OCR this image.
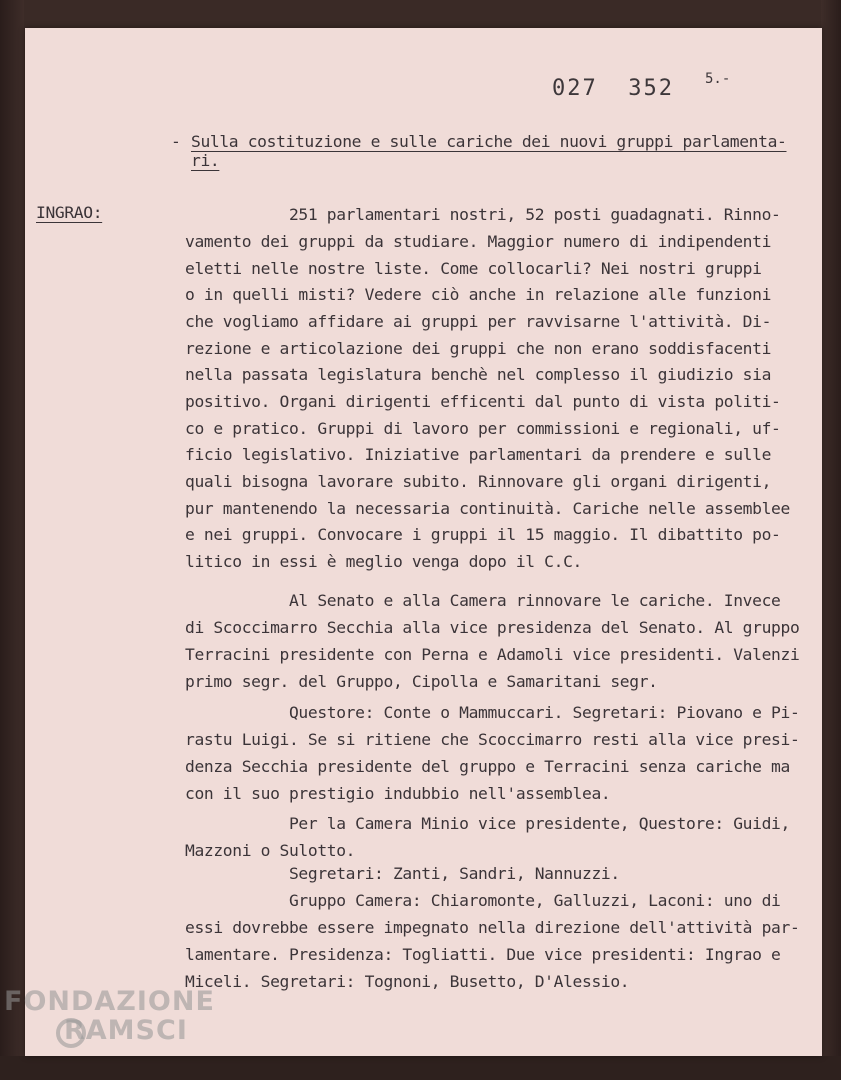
027  352 5.-
- Sulla costituzione e sulle cariche dei nuovi gruppi parlamenta-
ri.
INGRAO:	251 parlamentari nostri, 52 posti guadagnati. Rinno-
vamento dei gruppi da studiare. Maggior numero di indipendenti
eletti nelle nostre liste. Come collocarli? Nei nostri gruppi
o in quelli misti? Vedere ciò anche in relazione alle funzioni
che vogliamo affidare ai gruppi per ravvisarne l'attività. Di-
rezione e articolazione dei gruppi che non erano soddisfacenti
nella passata legislatura benchè nel complesso il giudizio sia
positivo. Organi dirigenti efficenti dal punto di vista politi-
co e pratico. Gruppi di lavoro per commissioni e regionali, uf-
ficio legislativo. Iniziative parlamentari da prendere e sulle
quali bisogna lavorare subito. Rinnovare gli organi dirigenti,
pur mantenendo la necessaria continuità. Cariche nelle assemblee
e nei gruppi. Convocare i gruppi il 15 maggio. Il dibattito po-
litico in essi è meglio venga dopo il C.C.
Al Senato e alla Camera rinnovare le cariche. Invece
di Scoccimarro Secchia alla vice presidenza del Senato. Al gruppo
Terracini presidente con Perna e Adamoli vice presidenti. Valenzi
primo segr. del Gruppo, Cipolla e Samaritani segr.
Questore: Conte o Mammuccari. Segretari: Piovano e Pi-
rastu Luigi. Se si ritiene che Scoccimarro resti alla vice presi-
denza Secchia presidente del gruppo e Terracini senza cariche ma
con il suo prestigio indubbio nell'assemblea.
Per la Camera Minio vice presidente, Questore: Guidi,
Mazzoni o Sulotto.
Segretari: Zanti, Sandri, Nannuzzi.
Gruppo Camera: Chiaromonte, Galluzzi, Laconi: uno di
essi dovrebbe essere impegnato nella direzione dell'attività par-
lamentare. Presidenza: Togliatti. Due vice presidenti: Ingrao e
Miceli. Segretari: Tognoni, Busetto, D'Alessio.
FONDAZIONE
RAMSCI
